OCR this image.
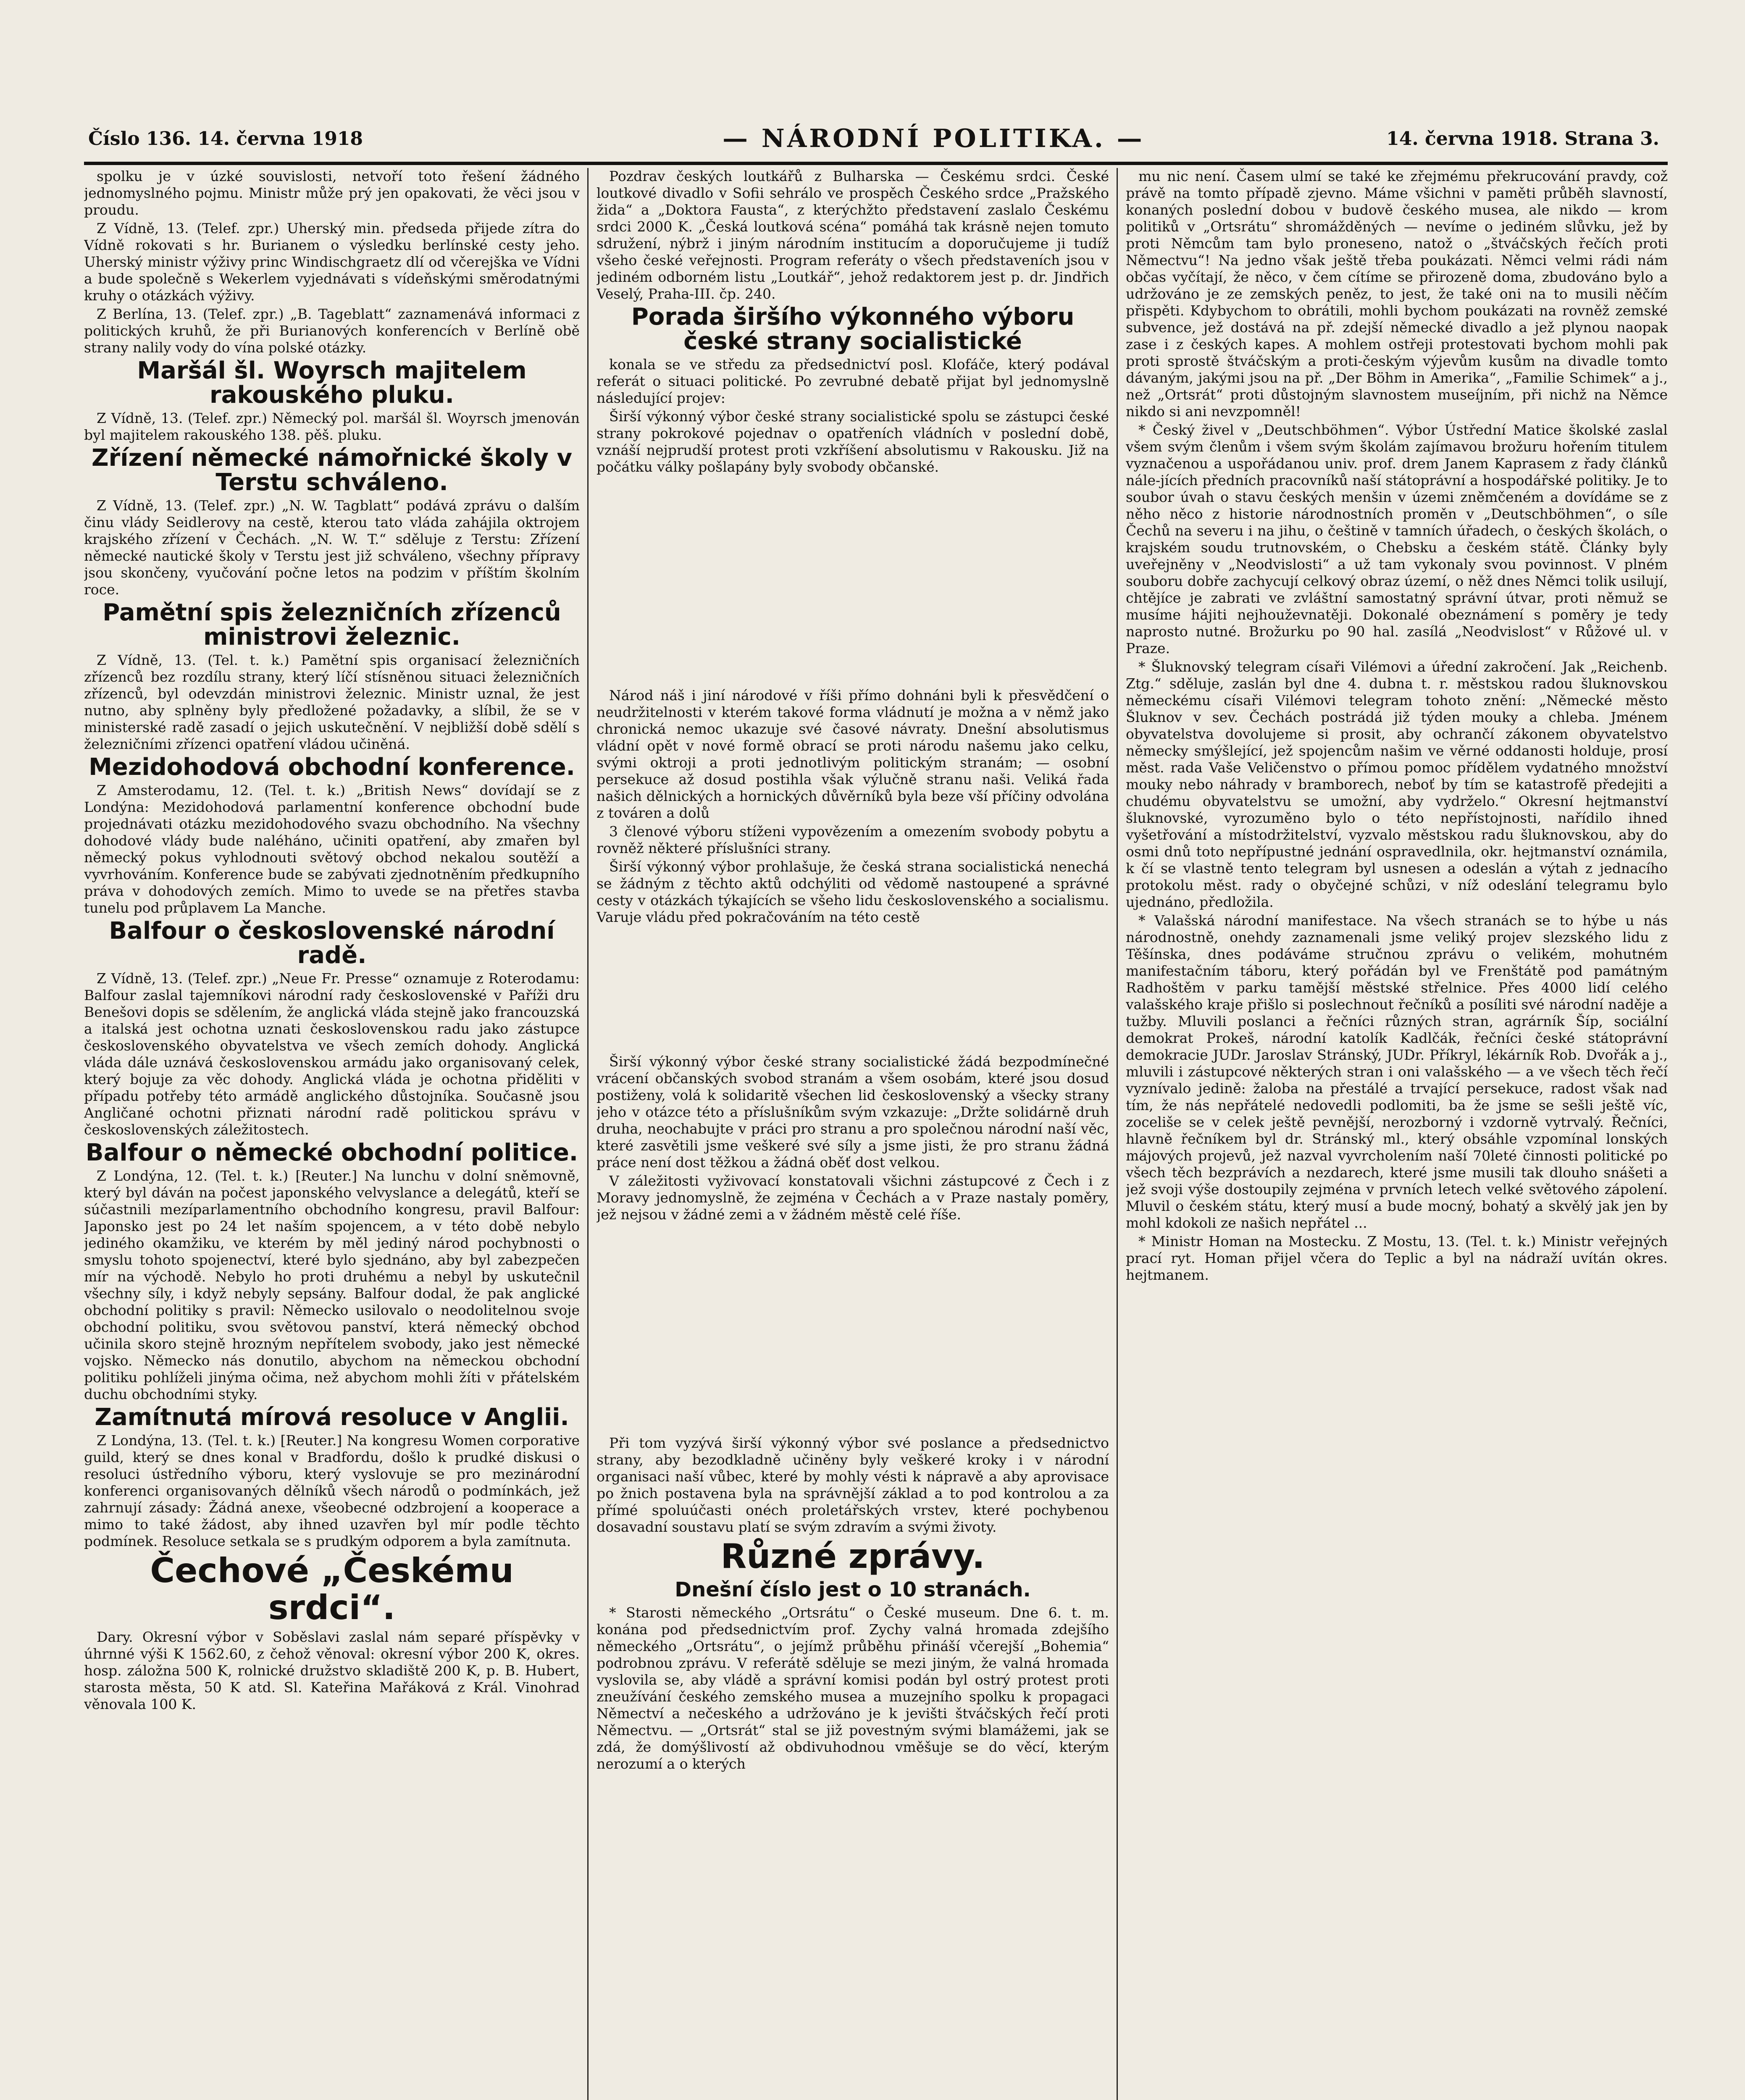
Číslo 136. 14. června 1918	— NÁRODNÍ POLITIKA. —	14. června 1918. Strana 3.

spolku je v úzké souvislosti, netvoří toto řešení žádného jednomyslného pojmu. Ministr může prý jen opakovati, že věci jsou v proudu.

Z Vídně, 13. (Telef. zpr.) Uherský min. předseda přijede zítra do Vídně rokovati s hr. Burianem o výsledku berlínské cesty jeho. Uherský ministr výživy princ Windischgraetz dlí od včerejška ve Vídni a bude společně s Wekerlem vyjednávati s vídeňskými směrodatnými kruhy o otázkách výživy.

Z Berlína, 13. (Telef. zpr.) „B. Tageblatt“ zaznamenává informaci z politických kruhů, že při Burianových konferencích v Berlíně obě strany nalily vody do vína polské otázky.

Maršál šl. Woyrsch majitelem rakouského pluku.

Z Vídně, 13. (Telef. zpr.) Německý pol. maršál šl. Woyrsch jmenován byl majitelem rakouského 138. pěš. pluku.

Zřízení německé námořnické školy v Terstu schváleno.

Z Vídně, 13. (Telef. zpr.) „N. W. Tagblatt“ podává zprávu o dalším činu vlády Seidlerovy na cestě, kterou tato vláda zahájila oktrojem krajského zřízení v Čechách. „N. W. T.“ sděluje z Terstu: Zřízení německé nautické školy v Terstu jest již schváleno, všechny přípravy jsou skončeny, vyučování počne letos na podzim v příštím školním roce.

Pamětní spis železničních zřízenců ministrovi železnic.

Z Vídně, 13. (Tel. t. k.) Pamětní spis organisací železničních zřízenců bez rozdílu strany, který líčí stísněnou situaci železničních zřízenců, byl odevzdán ministrovi železnic. Ministr uznal, že jest nutno, aby splněny byly předložené požadavky, a slíbil, že se v ministerské radě zasadí o jejich uskutečnění. V nejbližší době sdělí s železničními zřízenci opatření vládou učiněná.

Mezidohodová obchodní konference.

Z Amsterodamu, 12. (Tel. t. k.) „British News“ dovídají se z Londýna: Mezidohodová parlamentní konference obchodní bude projednávati otázku mezidohodového svazu obchodního. Na všechny dohodové vlády bude naléháno, učiniti opatření, aby zmařen byl německý pokus vyhlodnouti světový obchod nekalou soutěží a vyvrhováním. Konference bude se zabývati zjednotněním předkupního práva v dohodových zemích. Mimo to uvede se na přetřes stavba tunelu pod průplavem La Manche.

Balfour o československé národní radě.

Z Vídně, 13. (Telef. zpr.) „Neue Fr. Presse“ oznamuje z Roterodamu: Balfour zaslal tajemníkovi národní rady československé v Paříži dru Benešovi dopis se sdělením, že anglická vláda stejně jako francouzská a italská jest ochotna uznati československou radu jako zástupce československého obyvatelstva ve všech zemích dohody. Anglická vláda dále uznává československou armádu jako organisovaný celek, který bojuje za věc dohody. Anglická vláda je ochotna přiděliti v případu potřeby této armádě anglického důstojníka. Současně jsou Angličané ochotni přiznati národní radě politickou správu v československých záležitostech.

Balfour o německé obchodní politice.

Z Londýna, 12. (Tel. t. k.) [Reuter.] Na lunchu v dolní sněmovně, který byl dáván na počest japonského velvyslance a delegátů, kteří se súčastnili mezíparlamentního obchodního kongresu, pravil Balfour: Japonsko jest po 24 let naším spojencem, a v této době nebylo jediného okamžiku, ve kterém by měl jediný národ pochybnosti o smyslu tohoto spojenectví, které bylo sjednáno, aby byl zabezpečen mír na východě. Nebylo ho proti druhému a nebyl by uskutečnil všechny síly, i když nebyly sepsány. Balfour dodal, že pak anglické obchodní politiky s pravil: Německo usilovalo o neodolitelnou svoje obchodní politiku, svou světovou panství, která německý obchod učinila skoro stejně hrozným nepřítelem svobody, jako jest německé vojsko. Německo nás donutilo, abychom na německou obchodní politiku pohlíželi jinýma očima, než abychom mohli žíti v přátelském duchu obchodními styky.

Zamítnutá mírová resoluce v Anglii.

Z Londýna, 13. (Tel. t. k.) [Reuter.] Na kongresu Women corporative guild, který se dnes konal v Bradfordu, došlo k prudké diskusi o resoluci ústředního výboru, který vyslovuje se pro mezinárodní konferenci organisovaných dělníků všech národů o podmínkách, jež zahrnují zásady: Žádná anexe, všeobecné odzbrojení a kooperace a mimo to také žádost, aby ihned uzavřen byl mír podle těchto podmínek. Resoluce setkala se s prudkým odporem a byla zamítnuta.

Čechové „Českému srdci“.

Dary. Okresní výbor v Soběslavi zaslal nám separé příspěvky v úhrnné výši K 1562.60, z čehož věnoval: okresní výbor 200 K, okres. hosp. záložna 500 K, rolnické družstvo skladiště 200 K, p. B. Hubert, starosta města, 50 K atd. Sl. Kateřina Mařáková z Král. Vinohrad věnovala 100 K.

Pozdrav českých loutkářů z Bulharska — Českému srdci. České loutkové divadlo v Sofii sehrálo ve prospěch Českého srdce „Pražského žida“ a „Doktora Fausta“, z kterýchžto představení zaslalo Českému srdci 2000 K. „Česká loutková scéna“ pomáhá tak krásně nejen tomuto sdružení, nýbrž i jiným národním institucím a doporučujeme ji tudíž všeho české veřejnosti. Program referáty o všech představeních jsou v jediném odborném listu „Loutkář“, jehož redaktorem jest p. dr. Jindřich Veselý, Praha-III. čp. 240.

Porada širšího výkonného výboru české strany socialistické

konala se ve středu za předsednictví posl. Klofáče, který podával referát o situaci politické. Po zevrubné debatě přijat byl jednomyslně následující projev:

Širší výkonný výbor české strany socialistické spolu se zástupci české strany pokrokové pojednav o opatřeních vládních v poslední době, vznáší nejprudší protest proti vzkříšení absolutismu v Rakousku. Již na počátku války pošlapány byly svobody občanské.

Národ náš i jiní národové v říši přímo dohnáni byli k přesvědčení o neudržitelnosti v kterém takové forma vládnutí je možna a v němž jako chronická nemoc ukazuje své časové návraty. Dnešní absolutismus vládní opět v nové formě obrací se proti národu našemu jako celku, svými oktroji a proti jednotlivým politickým stranám; — osobní persekuce až dosud postihla však výlučně stranu naši. Veliká řada našich dělnických a hornických důvěrníků byla beze vší příčiny odvolána z továren a dolů

3 členové výboru stíženi vypovězením a omezením svobody pobytu a rovněž některé příslušníci strany.

Širší výkonný výbor prohlašuje, že česká strana socialistická nenechá se žádným z těchto aktů odchýliti od vědomě nastoupené a správné cesty v otázkách týkajících se všeho lidu československého a socialismu. Varuje vládu před pokračováním na této cestě

Širší výkonný výbor české strany socialistické žádá bezpodmínečné vrácení občanských svobod stranám a všem osobám, které jsou dosud postiženy, volá k solidaritě všechen lid československý a všecky strany jeho v otázce této a příslušníkům svým vzkazuje: „Držte solidárně druh druha, neochabujte v práci pro stranu a pro společnou národní naší věc, které zasvětili jsme veškeré své síly a jsme jisti, že pro stranu žádná práce není dost těžkou a žádná oběť dost velkou.

V záležitosti vyživovací konstatovali všichni zástupcové z Čech i z Moravy jednomyslně, že zejména v Čechách a v Praze nastaly poměry, jež nejsou v žádné zemi a v žádném městě celé říše.

Při tom vyzývá širší výkonný výbor své poslance a předsednictvo strany, aby bezodkladně učiněny byly veškeré kroky i v národní organisaci naší vůbec, které by mohly vésti k nápravě a aby aprovisace po žnich postavena byla na správnější základ a to pod kontrolou a za přímé spoluúčasti onéch proletářských vrstev, které pochybenou dosavadní soustavu platí se svým zdravím a svými životy.

Různé zprávy.
Dnešní číslo jest o 10 stranách.

* Starosti německého „Ortsrátu“ o České museum. Dne 6. t. m. konána pod předsednictvím prof. Zychy valná hromada zdejšího německého „Ortsrátu“, o jejímž průběhu přináší včerejší „Bohemia“ podrobnou zprávu. V referátě sděluje se mezi jiným, že valná hromada vyslovila se, aby vládě a správní komisi podán byl ostrý protest proti zneužívání českého zemského musea a muzejního spolku k propagaci Němectví a nečeského a udržováno je k jevišti štváčských řečí proti Němectvu. — „Ortsrát“ stal se již povestným svými blamážemi, jak se zdá, že domýšlivostí až obdivuhodnou vměšuje se do věcí, kterým nerozumí a o kterých

mu nic není. Časem ulmí se také ke zřejmému překrucování pravdy, což právě na tomto případě zjevno. Máme všichni v paměti průběh slavností, konaných poslední dobou v budově českého musea, ale nikdo — krom politiků v „Ortsrátu“ shromážděných — nevíme o jediném slůvku, jež by proti Němcům tam bylo proneseno, natož o „štváčských řečích proti Němectvu“! Na jedno však ještě třeba poukázati. Němci velmi rádi nám občas vyčítají, že něco, v čem cítíme se přirozeně doma, zbudováno bylo a udržováno je ze zemských peněz, to jest, že také oni na to musili něčím přispěti. Kdybychom to obrátili, mohli bychom poukázati na rovněž zemské subvence, jež dostává na př. zdejší německé divadlo a jež plynou naopak zase i z českých kapes. A mohlem ostřeji protestovati bychom mohli pak proti sprostě štváčským a proti-českým výjevům kusům na divadle tomto dávaným, jakými jsou na př. „Der Böhm in Amerika“, „Familie Schimek“ a j., než „Ortsrát“ proti důstojným slavnostem museíjním, při nichž na Němce nikdo si ani nevzpomněl!

* Český živel v „Deutschböhmen“. Výbor Ústřední Matice školské zaslal všem svým členům i všem svým školám zajímavou brožuru hořením titulem vyznačenou a uspořádanou univ. prof. drem Janem Kaprasem z řady článků nále-jících předních pracovníků naší státoprávní a hospodářské politiky. Je to soubor úvah o stavu českých menšin v územi zněmčeném a dovídáme se z něho něco z historie národnostních proměn v „Deutschböhmen“, o síle Čechů na severu i na jihu, o češtině v tamních úřadech, o českých školách, o krajském soudu trutnovském, o Chebsku a českém státě. Články byly uveřejněny v „Neodvislosti“ a už tam vykonaly svou povinnost. V plném souboru dobře zachycují celkový obraz území, o něž dnes Němci tolik usilují, chtějíce je zabrati ve zvláštní samostatný správní útvar, proti němuž se musíme hájiti nejhouževnatěji. Dokonalé obeznámení s poměry je tedy naprosto nutné. Brožurku po 90 hal. zasílá „Neodvislost“ v Růžové ul. v Praze.

* Šluknovský telegram císaři Vilémovi a úřední zakročení. Jak „Reichenb. Ztg.“ sděluje, zaslán byl dne 4. dubna t. r. městskou radou šluknovskou německému císaři Vilémovi telegram tohoto znění: „Německé město Šluknov v sev. Čechách postrádá již týden mouky a chleba. Jménem obyvatelstva dovolujeme si prosit, aby ochrančí zákonem obyvatelstvo německy smýšlející, jež spojencům našim ve věrné oddanosti holduje, prosí měst. rada Vaše Veličenstvo o přímou pomoc přídělem vydatného množství mouky nebo náhrady v bramborech, neboť by tím se katastrofě předejiti a chudému obyvatelstvu se umožní, aby vydrželo.“ Okresní hejtmanství šluknovské, vyrozuměno bylo o této nepřístojnosti, nařídilo ihned vyšetřování a místodržitelství, vyzvalo městskou radu šluknovskou, aby do osmi dnů toto nepřípustné jednání ospravedlnila, okr. hejtmanství oznámila, k čí se vlastně tento telegram byl usnesen a odeslán a výtah z jednacího protokolu měst. rady o obyčejné schůzi, v níž odeslání telegramu bylo ujednáno, předložila.

* Valašská národní manifestace. Na všech stranách se to hýbe u nás národnostně, onehdy zaznamenali jsme veliký projev slezského lidu z Těšínska, dnes podáváme stručnou zprávu o velikém, mohutném manifestačním táboru, který pořádán byl ve Frenštátě pod památným Radhoštěm v parku tamější městské střelnice. Přes 4000 lidí celého valašského kraje přišlo si poslechnout řečníků a posíliti své národní naděje a tužby. Mluvili poslanci a řečníci různých stran, agrárník Šíp, sociální demokrat Prokeš, národní katolík Kadlčák, řečníci české státoprávní demokracie JUDr. Jaroslav Stránský, JUDr. Příkryl, lékárník Rob. Dvořák a j., mluvili i zástupcové některých stran i oni valašského — a ve všech těch řečí vyznívalo jedině: žaloba na přestálé a trvající persekuce, radost však nad tím, že nás nepřátelé nedovedli podlomiti, ba že jsme se sešli ještě víc, zoceliše se v celek ještě pevnější, nerozborný i vzdorně vytrvalý. Řečníci, hlavně řečníkem byl dr. Stránský ml., který obsáhle vzpomínal lonských májových projevů, jež nazval vyvrcholením naší 70leté činnosti politické po všech těch bezprávích a nezdarech, které jsme musili tak dlouho snášeti a jež svoji výše dostoupily zejména v prvních letech velké světového zápolení. Mluvil o českém státu, který musí a bude mocný, bohatý a skvělý jak jen by mohl kdokoli ze našich nepřátel ...

* Ministr Homan na Mostecku. Z Mostu, 13. (Tel. t. k.) Ministr veřejných prací ryt. Homan přijel včera do Teplic a byl na nádraží uvítán okres. hejtmanem.
